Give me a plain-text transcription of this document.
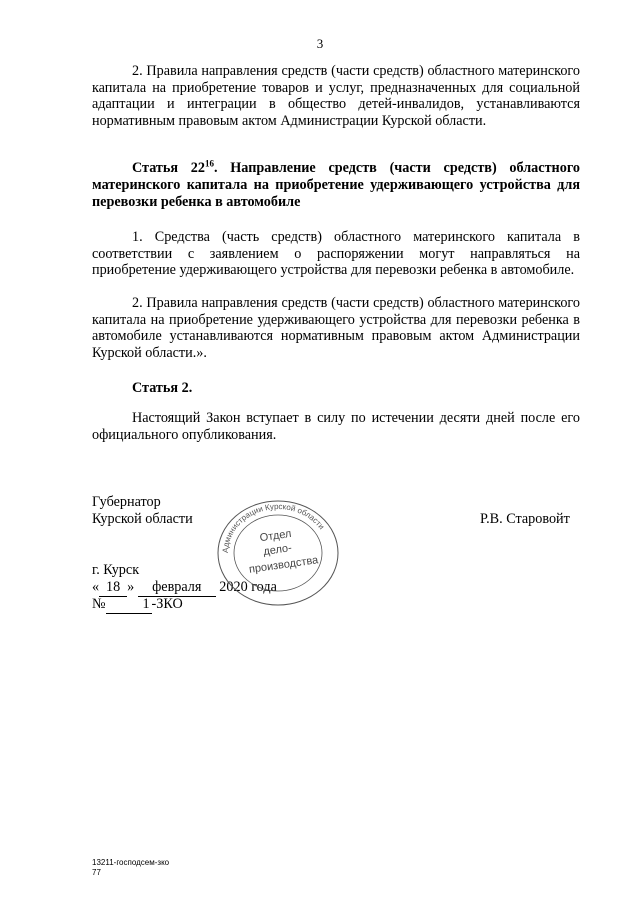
3
2. Правила направления средств (части средств) областного материнского капитала на приобретение товаров и услуг, предназначенных для социальной адаптации и интеграции в общество детей-инвалидов, устанавливаются нормативным правовым актом Администрации Курской области.
Статья $22^{16}$. Направление средств (части средств) областного материнского капитала на приобретение удерживающего устройства для перевозки ребенка в автомобиле
1. Средства (часть средств) областного материнского капитала в соответствии с заявлением о распоряжении могут направляться на приобретение удерживающего устройства для перевозки ребенка в автомобиле.
2. Правила направления средств (части средств) областного материнского капитала на приобретение удерживающего устройства для перевозки ребенка в автомобиле устанавливаются нормативным правовым актом Администрации Курской области.».
Статья 2.
Настоящий Закон вступает в силу по истечении десяти дней после его официального опубликования.
Губернатор
Курской области	Р.В. Старовойт
г. Курск
« 18 » февраля 2020 года
№	1 -ЗКО
Администрации Курской области
Отдел
дело-
производства
13211-господсем-зко
77
